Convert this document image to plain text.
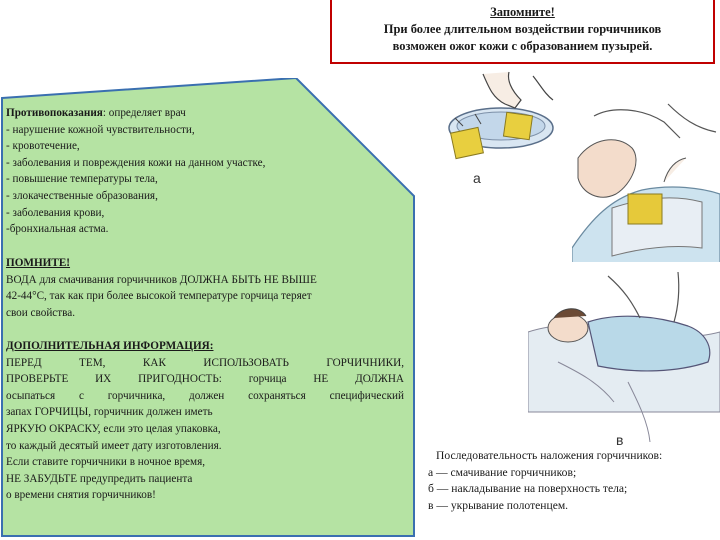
Запомните!
При более длительном воздействии горчичников
возможен ожог кожи с образованием пузырей.
Противопоказания: определяет врач
- нарушение кожной чувствительности,
- кровотечение,
- заболевания и повреждения кожи на данном участке,
- повышение температуры тела,
- злокачественные образования,
- заболевания крови,
-бронхиальная астма.
ПОМНИТЕ!
ВОДА для смачивания горчичников ДОЛЖНА БЫТЬ НЕ ВЫШЕ
42-44°С, так как при более высокой температуре горчица теряет
свои свойства.
ДОПОЛНИТЕЛЬНАЯ ИНФОРМАЦИЯ:
ПЕРЕД ТЕМ, КАК ИСПОЛЬЗОВАТЬ ГОРЧИЧНИКИ,
ПРОВЕРЬТЕ ИХ ПРИГОДНОСТЬ: горчица НЕ ДОЛЖНА
осыпаться с горчичника, должен сохраняться специфический
запах ГОРЧИЦЫ, горчичник должен иметь
ЯРКУЮ ОКРАСКУ, если это целая упаковка,
то каждый десятый имеет дату изготовления.
Если ставите горчичники в ночное время,
НЕ ЗАБУДЬТЕ предупредить пациента
о времени снятия горчичников!
а
в
Последовательность наложения горчичников:
а — смачивание горчичников;
б — накладывание на поверхность тела;
в — укрывание полотенцем.
